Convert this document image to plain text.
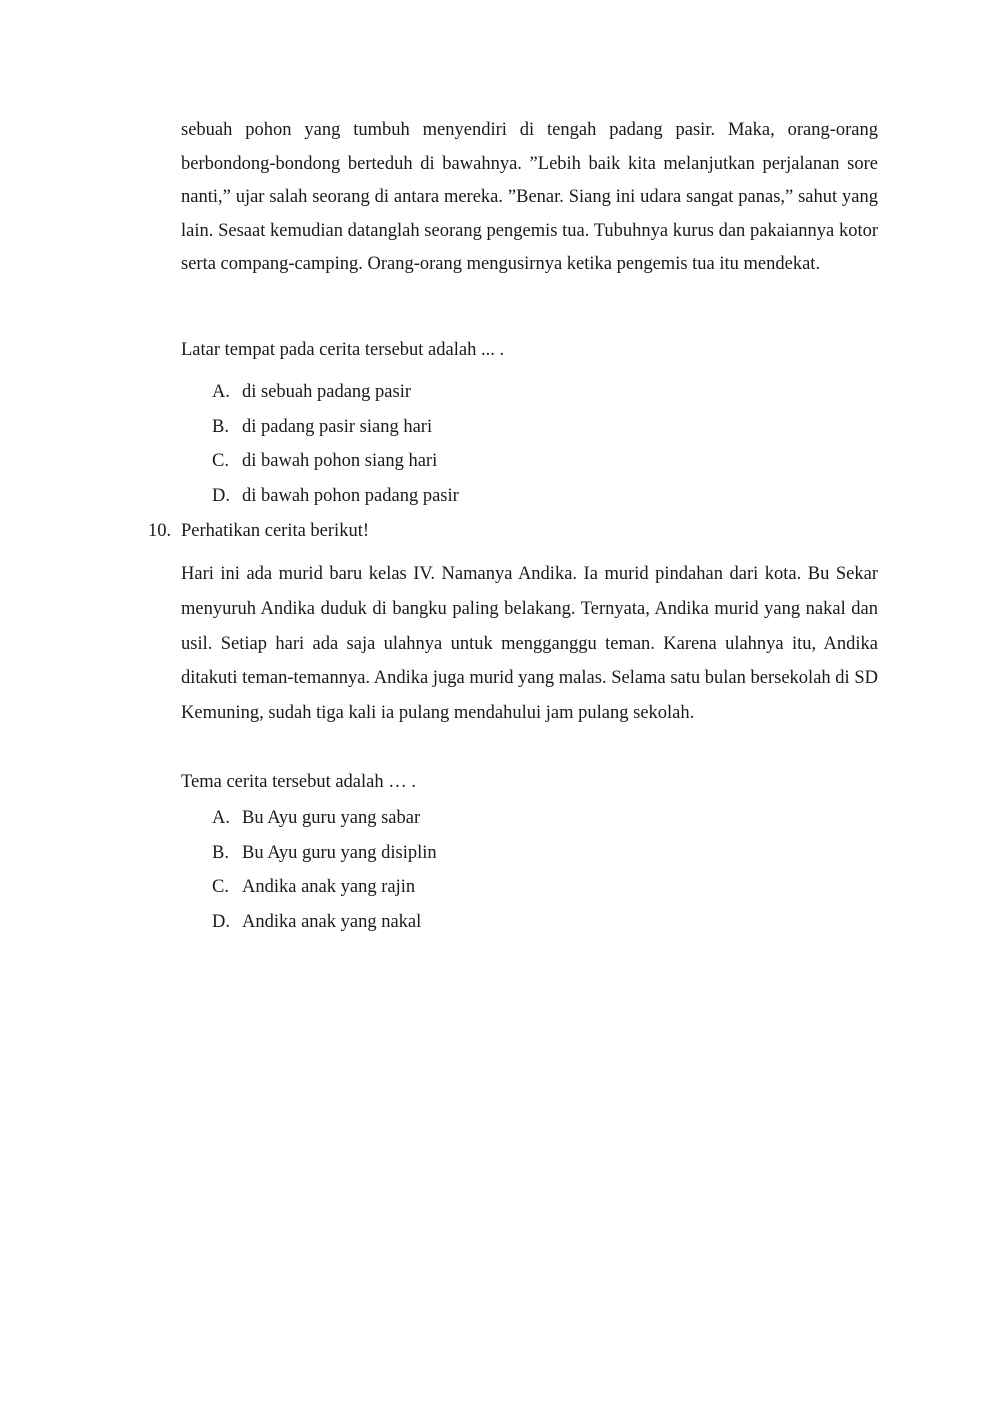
sebuah pohon yang tumbuh menyendiri di tengah padang pasir. Maka, orang-orang berbondong-bondong berteduh di bawahnya. ”Lebih baik kita melanjutkan perjalanan sore nanti,” ujar salah seorang di antara mereka. ”Benar. Siang ini udara sangat panas,” sahut yang lain. Sesaat kemudian datanglah seorang pengemis tua. Tubuhnya kurus dan pakaiannya kotor serta compang-camping. Orang-orang mengusirnya ketika pengemis tua itu mendekat.

Latar tempat pada cerita tersebut adalah ... .

A. di sebuah padang pasir
B. di padang pasir siang hari
C. di bawah pohon siang hari
D. di bawah pohon padang pasir

10. Perhatikan cerita berikut!

Hari ini ada murid baru kelas IV. Namanya Andika. Ia murid pindahan dari kota. Bu Sekar menyuruh Andika duduk di bangku paling belakang. Ternyata, Andika murid yang nakal dan usil. Setiap hari ada saja ulahnya untuk mengganggu teman. Karena ulahnya itu, Andika ditakuti teman-temannya. Andika juga murid yang malas. Selama satu bulan bersekolah di SD Kemuning, sudah tiga kali ia pulang mendahului jam pulang sekolah.

Tema cerita tersebut adalah … .

A. Bu Ayu guru yang sabar
B. Bu Ayu guru yang disiplin
C. Andika anak yang rajin
D. Andika anak yang nakal
